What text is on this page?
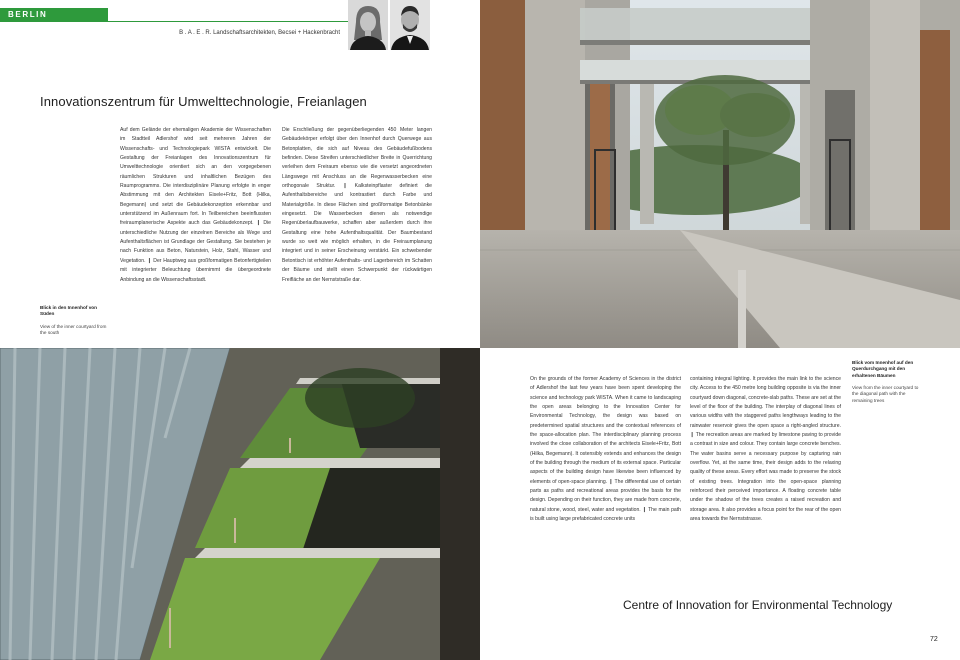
BERLIN
B . A . E . R. Landschaftsarchitekten, Becsei + Hackenbracht
Innovationszentrum für Umwelttechnologie, Freianlagen
Auf dem Gelände der ehemaligen Akademie der Wissenschaften im Stadtteil Adlershof wird seit mehreren Jahren der Wissenschafts- und Technologiepark WISTA entwickelt. Die Gestaltung der Freianlagen des Innovationszentrum für Umwelttechnologie orientiert sich an den vorgegebenen räumlichen Strukturen und inhaltlichen Bezügen des Raumprogramms. Die interdisziplinäre Planung erfolgte in enger Abstimmung mit den Architekten Eisele+Fritz, Bott (Hilka, Begemann) und setzt die Gebäudekonzeption erkennbar und unterstützend im Außenraum fort. In Teilbereichen beeinflussten freiraumplanerische Aspekte auch das Gebäudekonzept. ❙ Die unterschiedliche Nutzung der einzelnen Bereiche als Wege und Aufenthaltsflächen ist Grundlage der Gestaltung. Sie bestehen je nach Funktion aus Beton, Naturstein, Holz, Stahl, Wasser und Vegetation. ❙ Der Hauptweg aus großformatigen Betonfertigteilen mit integrierter Beleuchtung übernimmt die übergeordnete Anbindung an die Wissenschaftsstadt.
Die Erschließung der gegenüberliegenden 450 Meter langen Gebäudekörper erfolgt über den Innenhof durch Querwege aus Betonplatten, die sich auf Niveau des Gebäudefußbodens befinden. Diese Streifen unterschiedlicher Breite in Querrichtung verleihen dem Freiraum ebenso wie die versetzt angeordneten Längswege mit Anschluss an die Regenwasserbecken eine orthogonale Struktur. ❙ Kalksteinpflaster definiert die Aufenthaltsbereiche und kontrastiert durch Farbe und Materialgröße. In diese Flächen sind großformatige Betonbänke eingesetzt. Die Wasserbecken dienen als notwendige Regenüberlaufbauwerke, schaffen aber außerdem durch ihre Gestaltung eine hohe Aufenthaltsqualität. Der Baumbestand wurde so weit wie möglich erhalten, in die Freiraumplanung integriert und in seiner Erscheinung verstärkt. Ein schwebender Betontisch ist erhöhter Aufenthalts- und Lagerbereich im Schatten der Bäume und stellt einen Schwerpunkt der rückwärtigen Freifläche an der Nernststraße dar.
Blick in den Innenhof von Süden

View of the inner courtyard from the south
Blick vom Innenhof auf den Querdurchgang mit den erhaltenen Bäumen

View from the inner courtyard to the diagonal path with the remaining trees
On the grounds of the former Academy of Sciences in the district of Adlershof the last few years have been spent developing the science and technology park WISTA. When it came to landscaping the open areas belonging to the Innovation Center for Environmental Technology, the design was based on predetermined spatial structures and the contextual references of the space-allocation plan. The interdisciplinary planning process involved the close collaboration of the architects Eisele+Fritz, Bott (Hilka, Begemann). It ostensibly extends and enhances the design of the building through the medium of its external space. Particular aspects of the building design have likewise been influenced by elements of open-space planning. ❙ The differential use of certain parts as paths and recreational areas provides the basis for the design. Depending on their function, they are made from concrete, natural stone, wood, steel, water and vegetation. ❙ The main path is built using large prefabricated concrete units
containing integral lighting. It provides the main link to the science city. Access to the 450 metre long building opposite is via the inner courtyard down diagonal, concrete-slab paths. These are set at the level of the floor of the building. The interplay of diagonal lines of various widths with the staggered paths lengthways leading to the rainwater reservoir gives the open space a right-angled structure. ❙ The recreation areas are marked by limestone paving to provide a contrast in size and colour. They contain large concrete benches. The water basins serve a necessary purpose by capturing rain overflow. Yet, at the same time, their design adds to the relaxing quality of these areas. Every effort was made to preserve the stock of existing trees. Integration into the open-space planning reinforced their perceived importance. A floating concrete table under the shadow of the trees creates a raised recreation and storage area. It also provides a focus point for the rear of the open area towards the Nernststrasse.
Centre of Innovation for Environmental Technology
72
